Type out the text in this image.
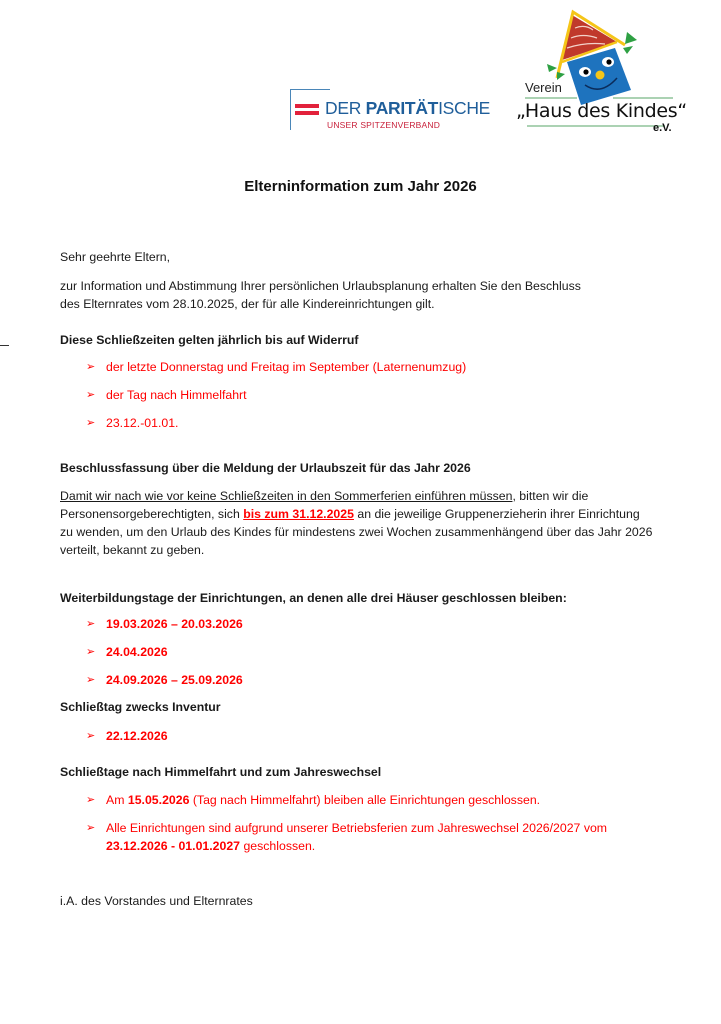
DER PARITÄTISCHE
UNSER SPITZENVERBAND
Verein
„Haus des Kindes“
e.V.
Elterninformation zum Jahr 2026
Sehr geehrte Eltern,
zur Information und Abstimmung Ihrer persönlichen Urlaubsplanung erhalten Sie den Beschluss
des Elternrates vom 28.10.2025, der für alle Kindereinrichtungen gilt.
Diese Schließzeiten gelten jährlich bis auf Widerruf
➢ der letzte Donnerstag und Freitag im September (Laternenumzug)
➢ der Tag nach Himmelfahrt
➢ 23.12.-01.01.
Beschlussfassung über die Meldung der Urlaubszeit für das Jahr 2026
Damit wir nach wie vor keine Schließzeiten in den Sommerferien einführen müssen, bitten wir die
Personensorgeberechtigten, sich bis zum 31.12.2025 an die jeweilige Gruppenerzieherin ihrer Einrichtung
zu wenden, um den Urlaub des Kindes für mindestens zwei Wochen zusammenhängend über das Jahr 2026
verteilt, bekannt zu geben.
Weiterbildungstage der Einrichtungen, an denen alle drei Häuser geschlossen bleiben:
➢ 19.03.2026 – 20.03.2026
➢ 24.04.2026
➢ 24.09.2026 – 25.09.2026
Schließtag zwecks Inventur
➢ 22.12.2026
Schließtage nach Himmelfahrt und zum Jahreswechsel
➢ Am 15.05.2026 (Tag nach Himmelfahrt) bleiben alle Einrichtungen geschlossen.
➢ Alle Einrichtungen sind aufgrund unserer Betriebsferien zum Jahreswechsel 2026/2027 vom
23.12.2026 - 01.01.2027 geschlossen.
i.A. des Vorstandes und Elternrates
